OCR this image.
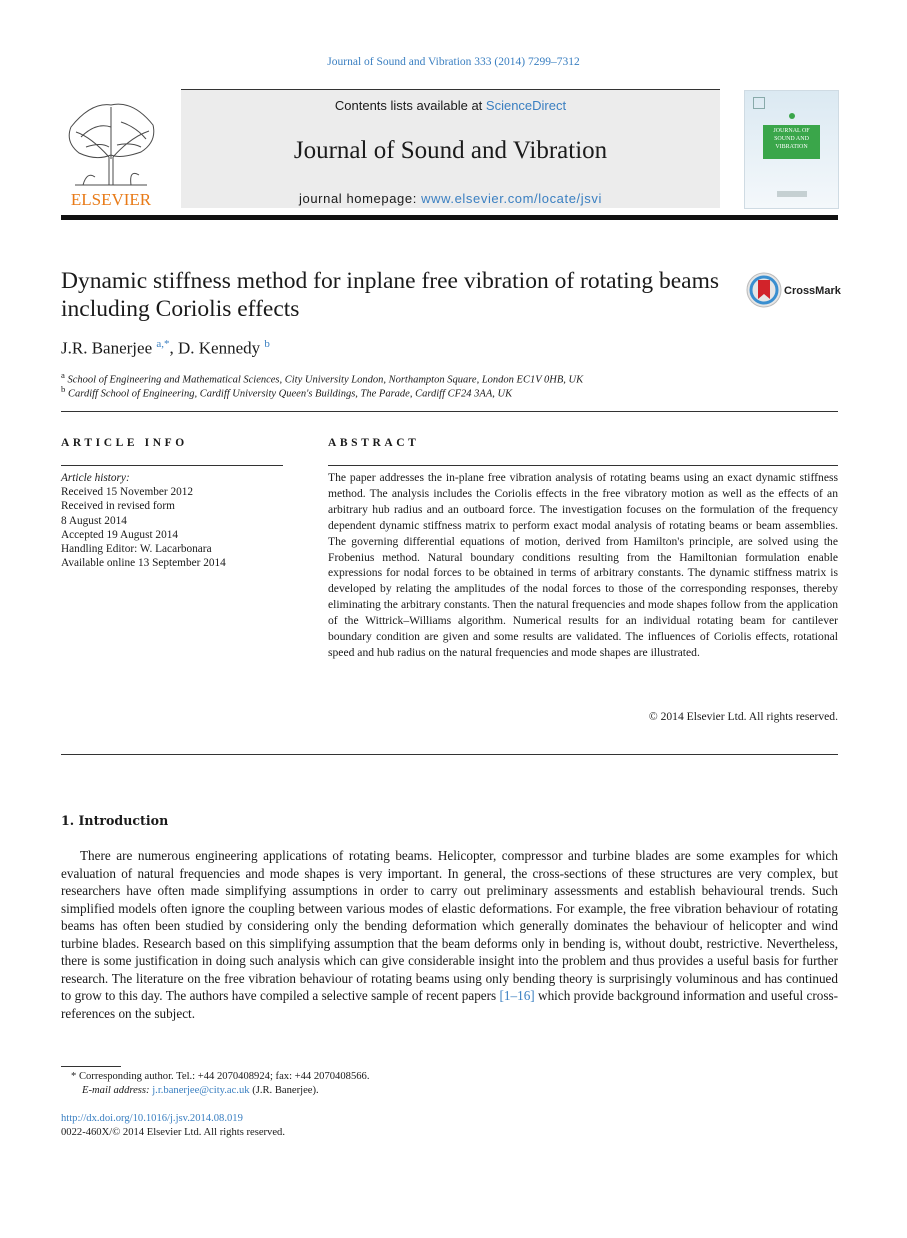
Journal of Sound and Vibration 333 (2014) 7299–7312
ELSEVIER
Contents lists available at ScienceDirect
Journal of Sound and Vibration
journal homepage: www.elsevier.com/locate/jsvi
JOURNAL OF SOUND AND VIBRATION
Dynamic stiffness method for inplane free vibration of rotating beams including Coriolis effects
CrossMark
J.R. Banerjee $^{a,*}$, D. Kennedy $^b$
$^a$ School of Engineering and Mathematical Sciences, City University London, Northampton Square, London EC1V 0HB, UK
$^b$ Cardiff School of Engineering, Cardiff University Queen's Buildings, The Parade, Cardiff CF24 3AA, UK
ARTICLE INFO
Article history:
Received 15 November 2012
Received in revised form
8 August 2014
Accepted 19 August 2014
Handling Editor: W. Lacarbonara
Available online 13 September 2014
ABSTRACT
The paper addresses the in-plane free vibration analysis of rotating beams using an exact dynamic stiffness method. The analysis includes the Coriolis effects in the free vibratory motion as well as the effects of an arbitrary hub radius and an outboard force. The investigation focuses on the formulation of the frequency dependent dynamic stiffness matrix to perform exact modal analysis of rotating beams or beam assemblies. The governing differential equations of motion, derived from Hamilton's principle, are solved using the Frobenius method. Natural boundary conditions resulting from the Hamiltonian formulation enable expressions for nodal forces to be obtained in terms of arbitrary constants. The dynamic stiffness matrix is developed by relating the amplitudes of the nodal forces to those of the corresponding responses, thereby eliminating the arbitrary constants. Then the natural frequencies and mode shapes follow from the application of the Wittrick–Williams algorithm. Numerical results for an individual rotating beam for cantilever boundary condition are given and some results are validated. The influences of Coriolis effects, rotational speed and hub radius on the natural frequencies and mode shapes are illustrated.
© 2014 Elsevier Ltd. All rights reserved.
1. Introduction
There are numerous engineering applications of rotating beams. Helicopter, compressor and turbine blades are some examples for which evaluation of natural frequencies and mode shapes is very important. In general, the cross-sections of these structures are very complex, but researchers have often made simplifying assumptions in order to carry out preliminary assessments and establish behavioural trends. Such simplified models often ignore the coupling between various modes of elastic deformations. For example, the free vibration behaviour of rotating beams has often been studied by considering only the bending deformation which generally dominates the behaviour of helicopter and wind turbine blades. Research based on this simplifying assumption that the beam deforms only in bending is, without doubt, restrictive. Nevertheless, there is some justification in doing such analysis which can give considerable insight into the problem and thus provides a useful basis for further research. The literature on the free vibration behaviour of rotating beams using only bending theory is surprisingly voluminous and has continued to grow to this day. The authors have compiled a selective sample of recent papers [1–16] which provide background information and useful cross-references on the subject.
* Corresponding author. Tel.: +44 2070408924; fax: +44 2070408566.
E-mail address: j.r.banerjee@city.ac.uk (J.R. Banerjee).
http://dx.doi.org/10.1016/j.jsv.2014.08.019
0022-460X/© 2014 Elsevier Ltd. All rights reserved.
